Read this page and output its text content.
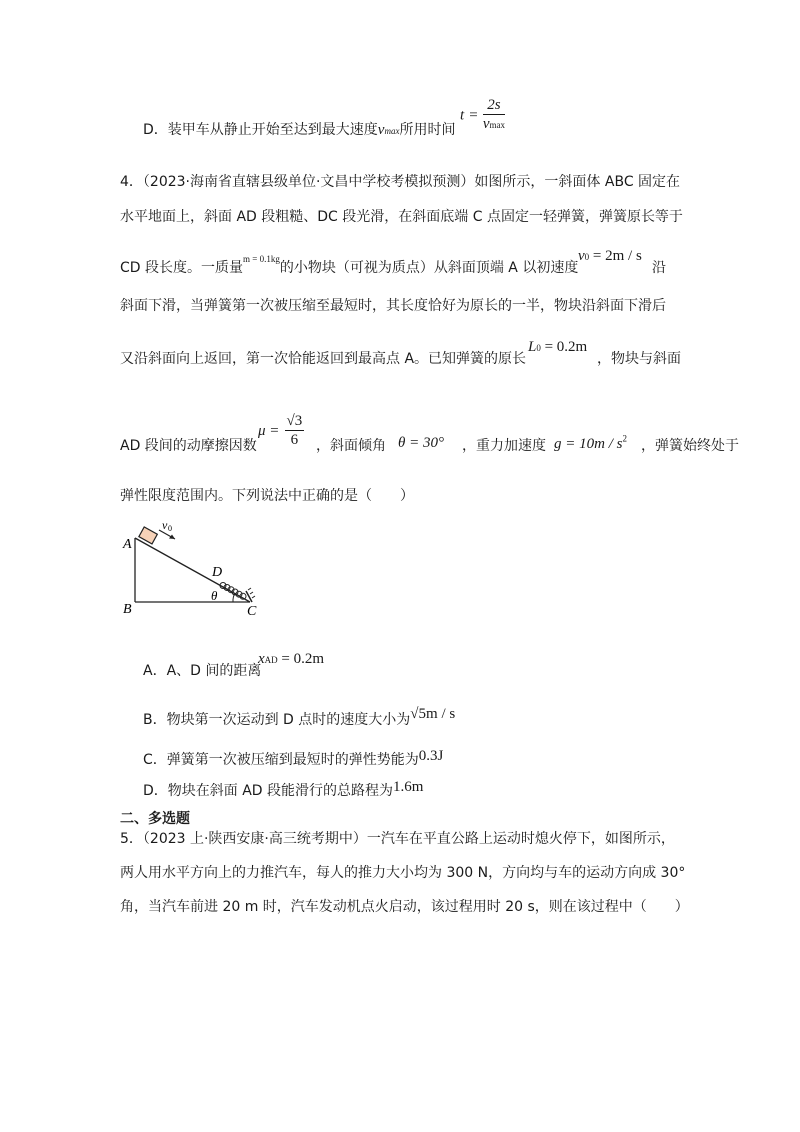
D．装甲车从静止开始至达到最大速度vmax所用时间
$t = \frac{2s}{vmax}$
4．（2023·海南省直辖县级单位·文昌中学校考模拟预测）如图所示，一斜面体 ABC 固定在
水平地面上，斜面 AD 段粗糙、DC 段光滑，在斜面底端 C 点固定一轻弹簧，弹簧原长等于
CD 段长度。一质量$^{m = 0.1kg}$的小物块（可视为质点）从斜面顶端 A 以初速度
v0 = 2m / s
沿
斜面下滑，当弹簧第一次被压缩至最短时，其长度恰好为原长的一半，物块沿斜面下滑后
又沿斜面向上返回，第一次恰能返回到最高点 A。已知弹簧的原长
L0 = 0.2m
，物块与斜面
AD 段间的动摩擦因数
$\mu = \frac{√3}{6}$ ，斜面倾角 θ = 30° ，重力加速度 $g = 10m / s^2$ ，弹簧始终处于
弹性限度范围内。下列说法中正确的是（　　）
A
B	C
D
θ
v 0
A．A、D 间的距离
xAD = 0.2m
B．物块第一次运动到 D 点时的速度大小为√5m / s
C．弹簧第一次被压缩到最短时的弹性势能为0.3J
D．物块在斜面 AD 段能滑行的总路程为1.6m
二、多选题
5．（2023 上·陕西安康·高三统考期中）一汽车在平直公路上运动时熄火停下，如图所示，
两人用水平方向上的力推汽车，每人的推力大小均为 300 N，方向均与车的运动方向成 30°
角，当汽车前进 20 m 时，汽车发动机点火启动，该过程用时 20 s，则在该过程中（　　）
